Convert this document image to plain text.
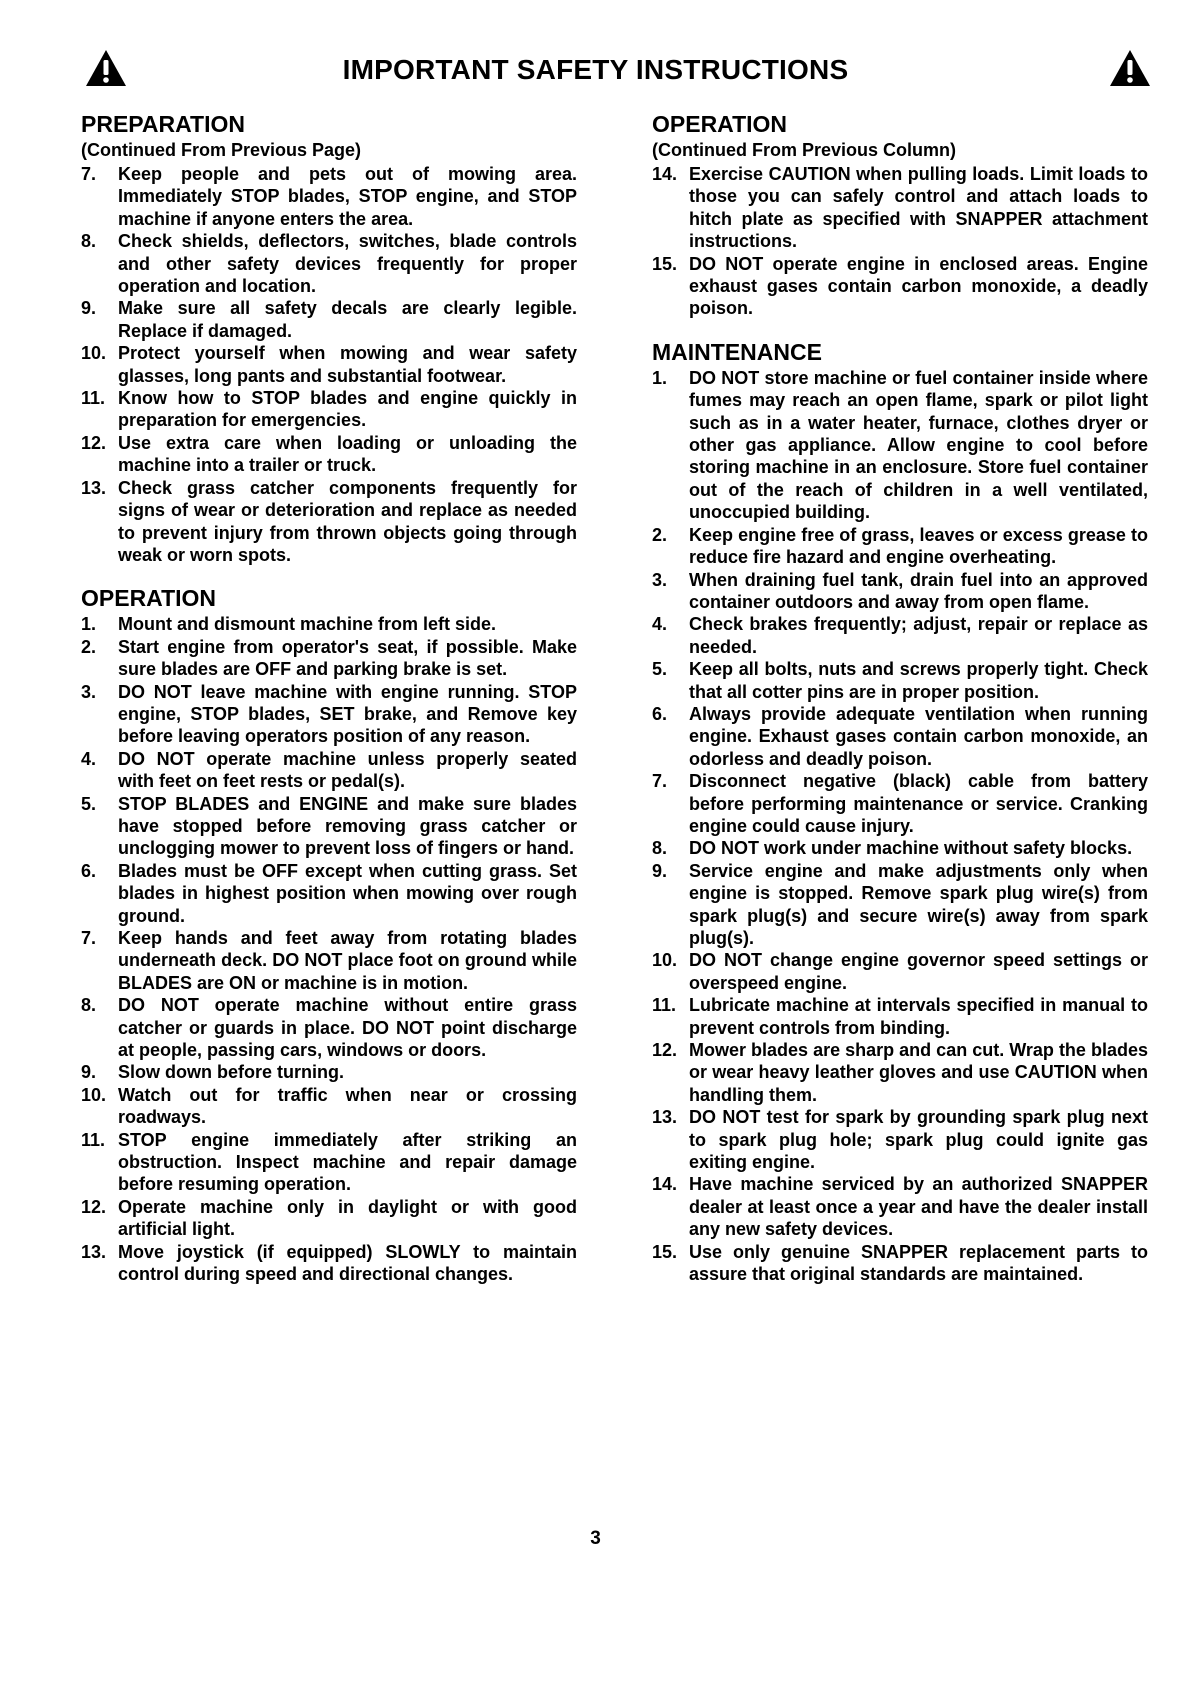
IMPORTANT SAFETY INSTRUCTIONS
PREPARATION
(Continued From Previous Page)
7. Keep people and pets out of mowing area. Immediately STOP blades, STOP engine, and STOP machine if anyone enters the area.
8. Check shields, deflectors, switches, blade controls and other safety devices frequently for proper operation and location.
9. Make sure all safety decals are clearly legible. Replace if damaged.
10. Protect yourself when mowing and wear safety glasses, long pants and substantial footwear.
11. Know how to STOP blades and engine quickly in preparation for emergencies.
12. Use extra care when loading or unloading the machine into a trailer or truck.
13. Check grass catcher components frequently for signs of wear or deterioration and replace as needed to prevent injury from thrown objects going through weak or worn spots.
OPERATION
1. Mount and dismount machine from left side.
2. Start engine from operator's seat, if possible. Make sure blades are OFF and parking brake is set.
3. DO NOT leave machine with engine running. STOP engine, STOP blades, SET brake, and Remove key before leaving operators position of any reason.
4. DO NOT operate machine unless properly seated with feet on feet rests or pedal(s).
5. STOP BLADES and ENGINE and make sure blades have stopped before removing grass catcher or unclogging mower to prevent loss of fingers or hand.
6. Blades must be OFF except when cutting grass. Set blades in highest position when mowing over rough ground.
7. Keep hands and feet away from rotating blades underneath deck. DO NOT place foot on ground while BLADES are ON or machine is in motion.
8. DO NOT operate machine without entire grass catcher or guards in place. DO NOT point discharge at people, passing cars, windows or doors.
9. Slow down before turning.
10. Watch out for traffic when near or crossing roadways.
11. STOP engine immediately after striking an obstruction. Inspect machine and repair damage before resuming operation.
12. Operate machine only in daylight or with good artificial light.
13. Move joystick (if equipped) SLOWLY to maintain control during speed and directional changes.
OPERATION
(Continued From Previous Column)
14. Exercise CAUTION when pulling loads. Limit loads to those you can safely control and attach loads to hitch plate as specified with SNAPPER attachment instructions.
15. DO NOT operate engine in enclosed areas. Engine exhaust gases contain carbon monoxide, a deadly poison.
MAINTENANCE
1. DO NOT store machine or fuel container inside where fumes may reach an open flame, spark or pilot light such as in a water heater, furnace, clothes dryer or other gas appliance. Allow engine to cool before storing machine in an enclosure. Store fuel container out of the reach of children in a well ventilated, unoccupied building.
2. Keep engine free of grass, leaves or excess grease to reduce fire hazard and engine overheating.
3. When draining fuel tank, drain fuel into an approved container outdoors and away from open flame.
4. Check brakes frequently; adjust, repair or replace as needed.
5. Keep all bolts, nuts and screws properly tight. Check that all cotter pins are in proper position.
6. Always provide adequate ventilation when running engine. Exhaust gases contain carbon monoxide, an odorless and deadly poison.
7. Disconnect negative (black) cable from battery before performing maintenance or service. Cranking engine could cause injury.
8. DO NOT work under machine without safety blocks.
9. Service engine and make adjustments only when engine is stopped. Remove spark plug wire(s) from spark plug(s) and secure wire(s) away from spark plug(s).
10. DO NOT change engine governor speed settings or overspeed engine.
11. Lubricate machine at intervals specified in manual to prevent controls from binding.
12. Mower blades are sharp and can cut. Wrap the blades or wear heavy leather gloves and use CAUTION when handling them.
13. DO NOT test for spark by grounding spark plug next to spark plug hole; spark plug could ignite gas exiting engine.
14. Have machine serviced by an authorized SNAPPER dealer at least once a year and have the dealer install any new safety devices.
15. Use only genuine SNAPPER replacement parts to assure that original standards are maintained.
3
